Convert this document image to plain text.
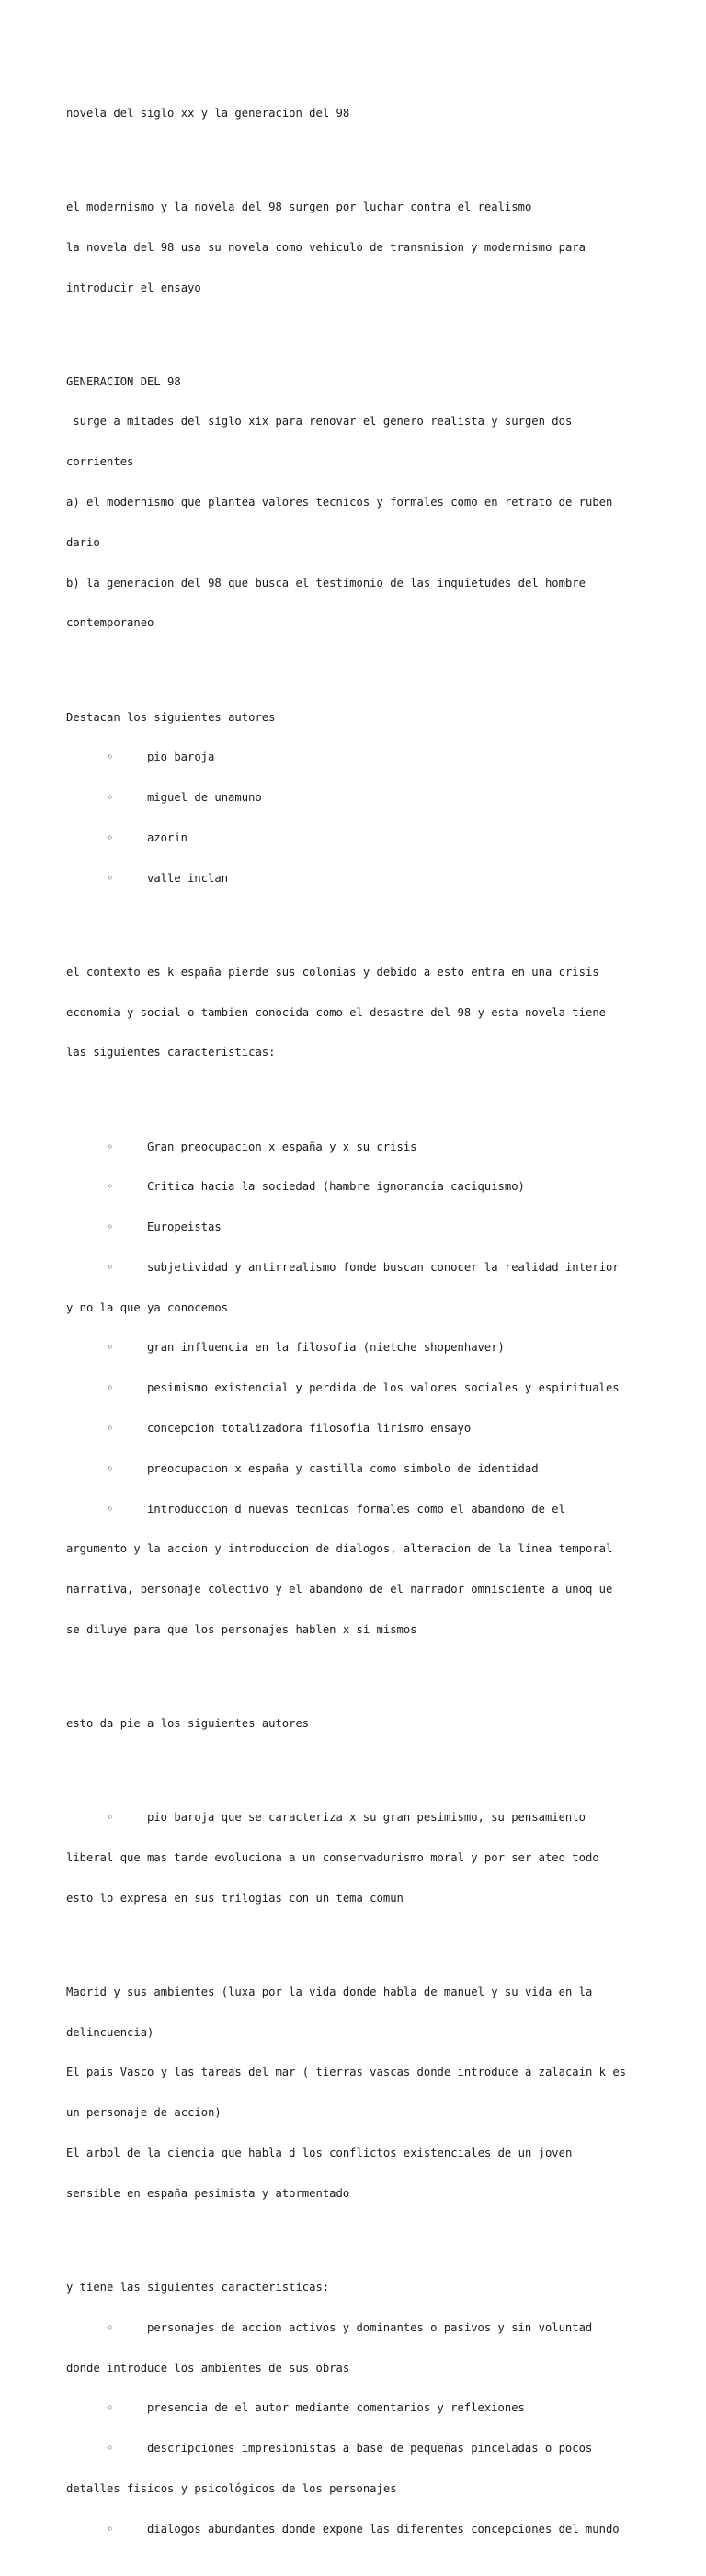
novela del siglo xx y la generacion del 98

el modernismo y la novela del 98 surgen por luchar contra el realismo

la novela del 98 usa su novela como vehiculo de transmision y modernismo para

introducir el ensayo

GENERACION DEL 98

surge a mitades del siglo xix para renovar el genero realista y surgen dos

corrientes

a) el modernismo que plantea valores tecnicos y formales como en retrato de ruben

dario

b) la generacion del 98 que busca el testimonio de las inquietudes del hombre

contemporaneo

Destacan los siguientes autores

◦	pio baroja

◦	miguel de unamuno

◦	azorin

◦	valle inclan

el contexto es k españa pierde sus colonias y debido a esto entra en una crisis

economia y social o tambien conocida como el desastre del 98 y esta novela tiene

las siguientes caracteristicas:

◦	Gran preocupacion x españa y x su crisis

◦	Critica hacia la sociedad (hambre ignorancia caciquismo)

◦	Europeistas

◦	subjetividad y antirrealismo fonde buscan conocer la realidad interior

y no la que ya conocemos

◦	gran influencia en la filosofia (nietche shopenhaver)

◦	pesimismo existencial y perdida de los valores sociales y espirituales

◦	concepcion totalizadora filosofia lirismo ensayo

◦	preocupacion x españa y castilla como simbolo de identidad

◦	introduccion d nuevas tecnicas formales como el abandono de el

argumento y la accion y introduccion de dialogos, alteracion de la linea temporal

narrativa, personaje colectivo y el abandono de el narrador omnisciente a unoq ue

se diluye para que los personajes hablen x si mismos

esto da pie a los siguientes autores

◦	pio baroja que se caracteriza x su gran pesimismo, su pensamiento

liberal que mas tarde evoluciona a un conservadurismo moral y por ser ateo todo

esto lo expresa en sus trilogias con un tema comun

Madrid y sus ambientes (luxa por la vida donde habla de manuel y su vida en la

delincuencia)

El pais Vasco y las tareas del mar ( tierras vascas donde introduce a zalacain k es

un personaje de accion)

El arbol de la ciencia que habla d los conflictos existenciales de un joven

sensible en españa pesimista y atormentado

y tiene las siguientes caracteristicas:

◦	personajes de accion activos y dominantes o pasivos y sin voluntad

donde introduce los ambientes de sus obras

◦	presencia de el autor mediante comentarios y reflexiones

◦	descripciones impresionistas a base de pequeñas pinceladas o pocos

detalles fisicos y psicológicos de los personajes

◦	dialogos abundantes donde expone las diferentes concepciones del mundo
